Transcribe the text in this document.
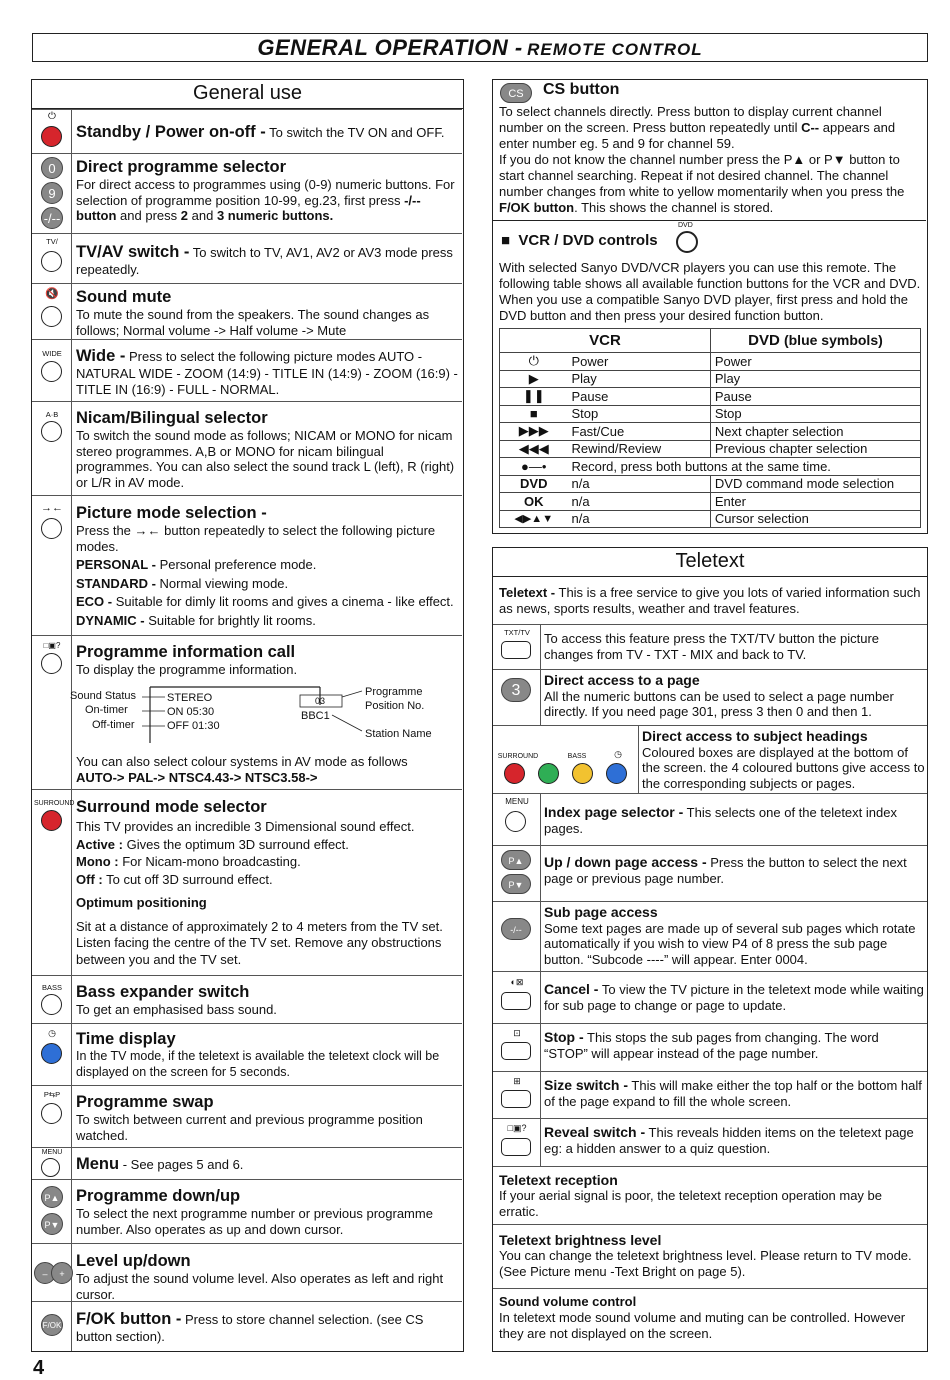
GENERAL OPERATION - REMOTE CONTROL
General use
⏻
Standby / Power on-off - To switch the TV ON and OFF.
0
9
-/--
Direct programme selector
For direct access to programmes using (0-9) numeric buttons. For selection of programme position 10-99, eg.23, first press -/-- button and press 2 and 3 numeric buttons.
TV/
TV/AV switch - To switch to TV, AV1, AV2 or AV3 mode press repeatedly.
🔇	Sound mute
To mute the sound from the speakers. The sound changes as follows; Normal volume -> Half volume -> Mute
WIDE Wide - Press to select the following picture modes AUTO - NATURAL WIDE - ZOOM (14:9) - TITLE IN (14:9) - ZOOM (16:9) - TITLE IN (16:9) - FULL - NORMAL.
A·B	Nicam/Bilingual selector
To switch the sound mode as follows; NICAM or MONO for nicam stereo programmes. A,B or MONO for nicam bilingual programmes. You can also select the sound track L (left), R (right) or L/R in AV mode.
→← Picture mode selection -
Press the →← button repeatedly to select the following picture modes.
PERSONAL - Personal preference mode.
STANDARD - Normal viewing mode.
ECO - Suitable for dimly lit rooms and gives a cinema - like effect.
DYNAMIC - Suitable for brightly lit rooms.
□▣? Programme information call
To display the programme information.
Sound Status
On-timer
Off-timer
STEREO
ON 05:30
OFF 01:30
03
BBC1
Programme
Position No.
Station Name
You can also select colour systems in AV mode as follows
AUTO-> PAL-> NTSC4.43-> NTSC3.58->
SURROUND Surround mode selector
This TV provides an incredible 3 Dimensional sound effect.
Active : Gives the optimum 3D surround effect.
Mono : For Nicam-mono broadcasting.
Off : To cut off 3D surround effect.
Optimum positioning
Sit at a distance of approximately 2 to 4 meters from the TV set. Listen facing the centre of the TV set. Remove any obstructions between you and the TV set.
BASS Bass expander switch
To get an emphasised bass sound.
◷	Time display
In the TV mode, if the teletext is available the teletext clock will be displayed on the screen for 5 seconds.
P⇆P Programme swap
To switch between current and previous programme position watched.
MENU
Menu - See pages 5 and 6.
P▲
P▼
Programme down/up
To select the next programme number or previous programme number. Also operates as up and down cursor.
–	+
Level up/down
To adjust the sound volume level. Also operates as left and right cursor.
F/OK F/OK button - Press to store channel selection. (see CS button section).
CS	CS button
To select channels directly. Press button to display current channel number on the screen. Press button repeatedly until C-- appears and enter number eg. 5 and 9 for channel 59.
If you do not know the channel number press the P▲ or P▼ button to start channel searching. Repeat if not desired channel. The channel number changes from white to yellow momentarily when you press the F/OK button. This shows the channel is stored.
■ VCR / DVD controls
DVD
With selected Sanyo DVD/VCR players you can use this remote. The following table shows all available function buttons for the VCR and DVD. When you use a compatible Sanyo DVD player, first press and hold the DVD button and then press your desired function button.
VCR		DVD (blue symbols)
⏻	Power	Power
▶	Play	Play
❚❚	Pause	Pause
■	Stop	Stop
▶▶▶	Fast/Cue	Next chapter selection
◀◀◀	Rewind/Review	Previous chapter selection
●—•	Record, press both buttons at the same time.	
DVD	n/a	DVD command mode selection
OK	n/a	Enter
◀▶▲▼	n/a	Cursor selection
Teletext
Teletext - This is a free service to give you lots of varied information such as news, sports results, weather and travel features.
TXT/TV	To access this feature press the TXT/TV button the picture changes from TV - TXT - MIX and back to TV.
3
Direct access to a page
All the numeric buttons can be used to select a page number directly. If you need page 301, press 3 then 0 and then 1.
SURROUND	BASS	◷
Direct access to subject headings
Coloured boxes are displayed at the bottom of the screen. the 4 coloured buttons give access to the corresponding subjects or pages.
MENU
Index page selector - This selects one of the teletext index pages.
P▲
P▼
Up / down page access - Press the button to select the next page or previous page number.
-/--
Sub page access
Some text pages are made up of several sub pages which rotate automatically if you wish to view P4 of 8 press the sub page button. “Subcode ----” will appear. Enter 0004.
◐⊠	Cancel - To view the TV picture in the teletext mode while waiting for sub page to change or page to update.
⊡	Stop - This stops the sub pages from changing. The word “STOP” will appear instead of the page number.
⊞	Size switch - This will make either the top half or the bottom half of the page expand to fill the whole screen.
□▣?	Reveal switch - This reveals hidden items on the teletext page eg: a hidden answer to a quiz question.
Teletext reception
If your aerial signal is poor, the teletext reception operation may be erratic.
Teletext brightness level
You can change the teletext brightness level. Please return to TV mode.(See Picture menu -Text Bright on page 5).
Sound volume control
In teletext mode sound volume and muting can be controlled. However they are not displayed on the screen.
4
